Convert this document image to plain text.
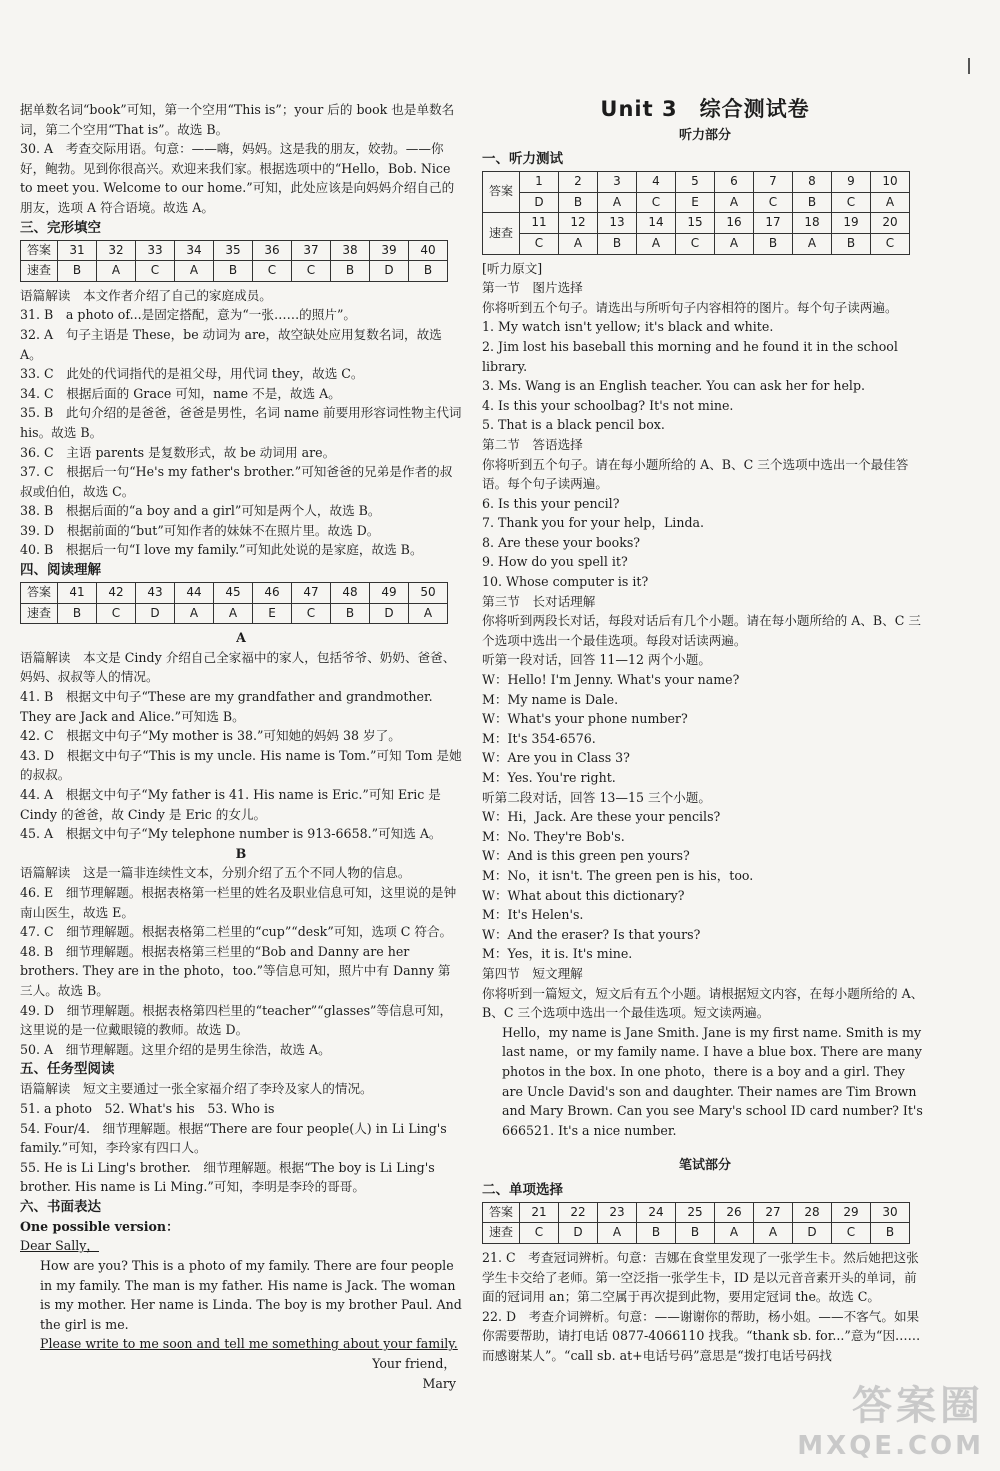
据单数名词“book”可知，第一个空用“This is”；your 后的 book 也是单数名词，第二个空用“That is”。故选 B。

30. A　考查交际用语。句意：——嗨，妈妈。这是我的朋友，姣勃。——你好，鲍勃。见到你很高兴。欢迎来我们家。根据选项中的“Hello，Bob. Nice to meet you. Welcome to our home.”可知，此处应该是向妈妈介绍自己的朋友，选项 A 符合语境。故选 A。

三、完形填空

答案	31	32	33	34	35	36	37	38	39	40
速查	B	A	C	A	B	C	C	B	D	B

语篇解读　本文作者介绍了自己的家庭成员。

31. B　a photo of...是固定搭配，意为“一张……的照片”。

32. A　句子主语是 These，be 动词为 are，故空缺处应用复数名词，故选 A。

33. C　此处的代词指代的是祖父母，用代词 they，故选 C。

34. C　根据后面的 Grace 可知，name 不是，故选 A。

35. B　此句介绍的是爸爸，爸爸是男性，名词 name 前要用形容词性物主代词 his。故选 B。

36. C　主语 parents 是复数形式，故 be 动词用 are。

37. C　根据后一句“He's my father's brother.”可知爸爸的兄弟是作者的叔叔或伯伯，故选 C。

38. B　根据后面的“a boy and a girl”可知是两个人，故选 B。

39. D　根据前面的“but”可知作者的妹妹不在照片里。故选 D。

40. B　根据后一句“I love my family.”可知此处说的是家庭，故选 B。

四、阅读理解

答案	41	42	43	44	45	46	47	48	49	50
速查	B	C	D	A	A	E	C	B	D	A

A

语篇解读　本文是 Cindy 介绍自己全家福中的家人，包括爷爷、奶奶、爸爸、妈妈、叔叔等人的情况。

41. B　根据文中句子“These are my grandfather and grandmother. They are Jack and Alice.”可知选 B。

42. C　根据文中句子“My mother is 38.”可知她的妈妈 38 岁了。

43. D　根据文中句子“This is my uncle. His name is Tom.”可知 Tom 是她的叔叔。

44. A　根据文中句子“My father is 41. His name is Eric.”可知 Eric 是 Cindy 的爸爸，故 Cindy 是 Eric 的女儿。

45. A　根据文中句子“My telephone number is 913-6658.”可知选 A。

B

语篇解读　这是一篇非连续性文本，分别介绍了五个不同人物的信息。

46. E　细节理解题。根据表格第一栏里的姓名及职业信息可知，这里说的是钟南山医生，故选 E。

47. C　细节理解题。根据表格第二栏里的“cup”“desk”可知，选项 C 符合。

48. B　细节理解题。根据表格第三栏里的“Bob and Danny are her brothers. They are in the photo，too.”等信息可知，照片中有 Danny 第三人。故选 B。

49. D　细节理解题。根据表格第四栏里的“teacher”“glasses”等信息可知，这里说的是一位戴眼镜的教师。故选 D。

50. A　细节理解题。这里介绍的是男生徐浩，故选 A。

五、任务型阅读

语篇解读　短文主要通过一张全家福介绍了李玲及家人的情况。

51. a photo　52. What's his　53. Who is

54. Four/4.　细节理解题。根据“There are four people(人) in Li Ling's family.”可知，李玲家有四口人。

55. He is Li Ling's brother.　细节理解题。根据“The boy is Li Ling's brother. His name is Li Ming.”可知，李明是李玲的哥哥。

六、书面表达

One possible version：

Dear Sally，

How are you? This is a photo of my family. There are four people in my family. The man is my father. His name is Jack. The woman is my mother. Her name is Linda. The boy is my brother Paul. And the girl is me.

Please write to me soon and tell me something about your family.

Your friend，

Mary

Unit 3　综合测试卷

听力部分

一、听力测试

答案	1	2	3	4	5	6	7	8	9	10
	D	B	A	C	E	A	C	B	C	A
速查	11	12	13	14	15	16	17	18	19	20
	C	A	B	A	C	A	B	A	B	C

[听力原文]

第一节　图片选择

你将听到五个句子。请选出与所听句子内容相符的图片。每个句子读两遍。

1. My watch isn't yellow; it's black and white.

2. Jim lost his baseball this morning and he found it in the school library.

3. Ms. Wang is an English teacher. You can ask her for help.

4. Is this your schoolbag? It's not mine.

5. That is a black pencil box.

第二节　答语选择

你将听到五个句子。请在每小题所给的 A、B、C 三个选项中选出一个最佳答语。每个句子读两遍。

6. Is this your pencil?

7. Thank you for your help，Linda.

8. Are these your books?

9. How do you spell it?

10. Whose computer is it?

第三节　长对话理解

你将听到两段长对话，每段对话后有几个小题。请在每小题所给的 A、B、C 三个选项中选出一个最佳选项。每段对话读两遍。

听第一段对话，回答 11—12 两个小题。

W：Hello! I'm Jenny. What's your name?

M：My name is Dale.

W：What's your phone number?

M：It's 354-6576.

W：Are you in Class 3?

M：Yes. You're right.

听第二段对话，回答 13—15 三个小题。

W：Hi，Jack. Are these your pencils?

M：No. They're Bob's.

W：And is this green pen yours?

M：No，it isn't. The green pen is his，too.

W：What about this dictionary?

M：It's Helen's.

W：And the eraser? Is that yours?

M：Yes，it is. It's mine.

第四节　短文理解

你将听到一篇短文，短文后有五个小题。请根据短文内容，在每小题所给的 A、B、C 三个选项中选出一个最佳选项。短文读两遍。

Hello，my name is Jane Smith. Jane is my first name. Smith is my last name，or my family name. I have a blue box. There are many photos in the box. In one photo，there is a boy and a girl. They are Uncle David's son and daughter. Their names are Tim Brown and Mary Brown. Can you see Mary's school ID card number? It's 666521. It's a nice number.

笔试部分

二、单项选择

答案	21	22	23	24	25	26	27	28	29	30
速查	C	D	A	B	B	A	A	D	C	B

21. C　考查冠词辨析。句意：吉娜在食堂里发现了一张学生卡。然后她把这张学生卡交给了老师。第一空泛指一张学生卡，ID 是以元音音素开头的单词，前面的冠词用 an；第二空属于再次提到此物，要用定冠词 the。故选 C。

22. D　考查介词辨析。句意：——谢谢你的帮助，杨小姐。——不客气。如果你需要帮助，请打电话 0877-4066110 找我。“thank sb. for...”意为“因……而感谢某人”。“call sb. at+电话号码”意思是“拨打电话号码找

答案圈
MXQE.COM
